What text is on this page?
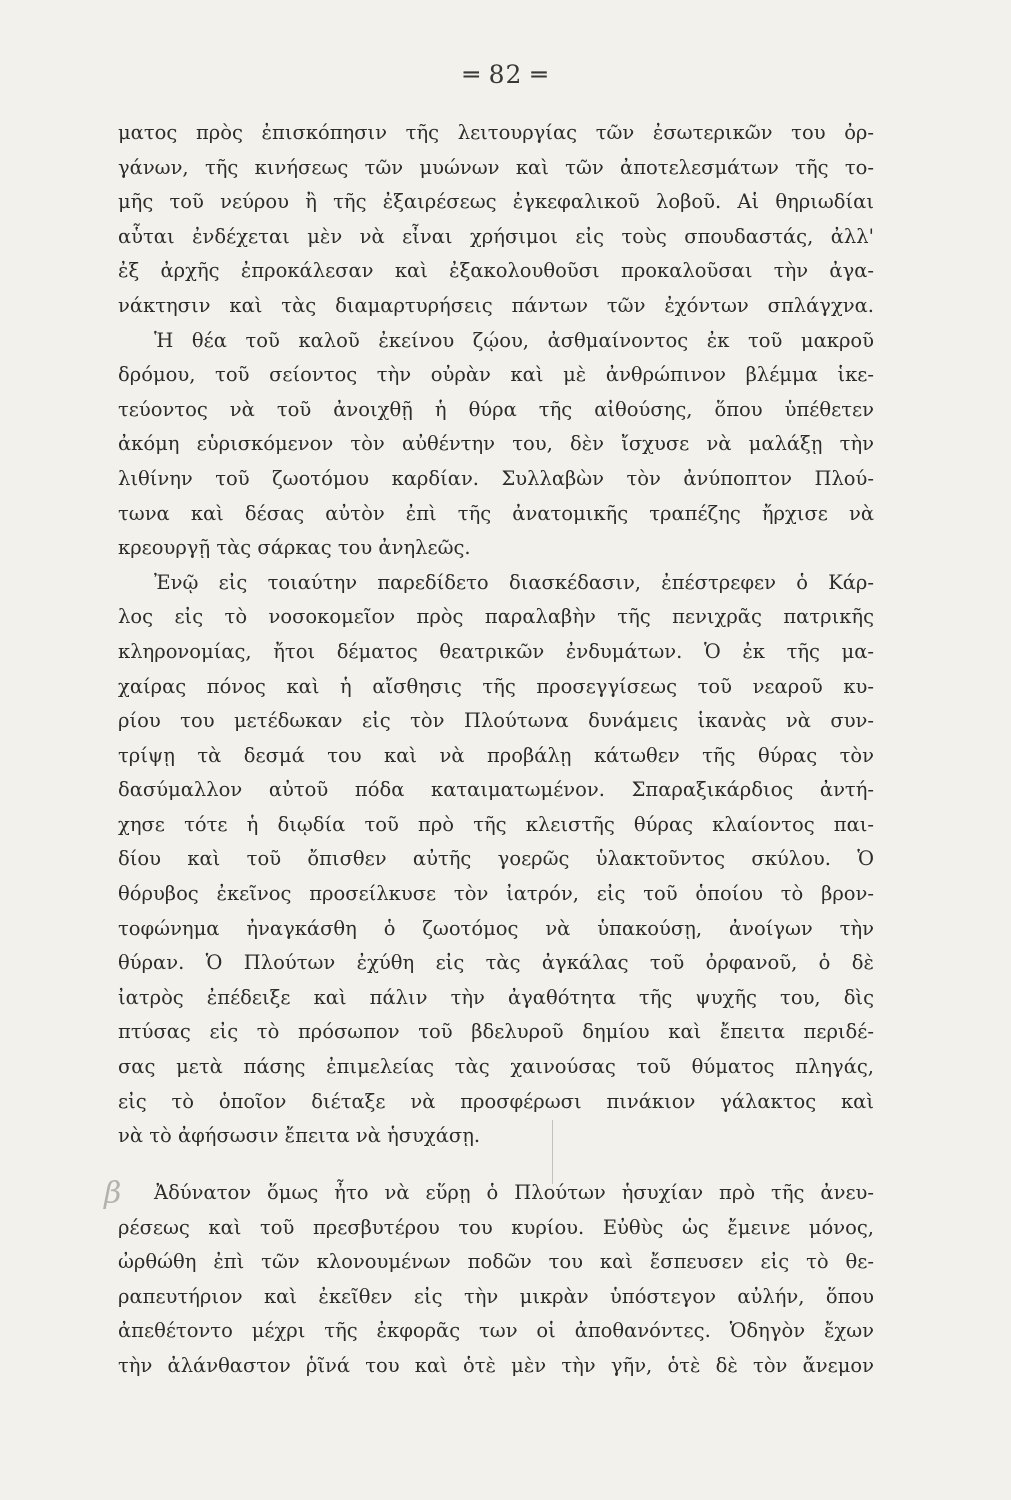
═ 82 ═
ματος πρὸς ἐπισκόπησιν τῆς λειτουργίας τῶν ἐσωτερικῶν του ὀρ-
γάνων, τῆς κινήσεως τῶν μυώνων καὶ τῶν ἀποτελεσμάτων τῆς το-
μῆς τοῦ νεύρου ἢ τῆς ἐξαιρέσεως ἐγκεφαλικοῦ λοβοῦ. Αἱ θηριωδίαι
αὗται ἐνδέχεται μὲν νὰ εἶναι χρήσιμοι εἰς τοὺς σπουδαστάς, ἀλλ'
ἐξ ἀρχῆς ἐπροκάλεσαν καὶ ἐξακολουθοῦσι προκαλοῦσαι τὴν ἀγα-
νάκτησιν καὶ τὰς διαμαρτυρήσεις πάντων τῶν ἐχόντων σπλάγχνα.
Ἡ θέα τοῦ καλοῦ ἐκείνου ζῴου, ἀσθμαίνοντος ἐκ τοῦ μακροῦ
δρόμου, τοῦ σείοντος τὴν οὐρὰν καὶ μὲ ἀνθρώπινον βλέμμα ἱκε-
τεύοντος νὰ τοῦ ἀνοιχθῇ ἡ θύρα τῆς αἰθούσης, ὅπου ὑπέθετεν
ἀκόμη εὑρισκόμενον τὸν αὐθέντην του, δὲν ἴσχυσε νὰ μαλάξῃ τὴν
λιθίνην τοῦ ζωοτόμου καρδίαν. Συλλαβὼν τὸν ἀνύποπτον Πλού-
τωνα καὶ δέσας αὐτὸν ἐπὶ τῆς ἀνατομικῆς τραπέζης ἤρχισε νὰ
κρεουργῇ τὰς σάρκας του ἀνηλεῶς.
Ἐνῷ εἰς τοιαύτην παρεδίδετο διασκέδασιν, ἐπέστρεφεν ὁ Κάρ-
λος εἰς τὸ νοσοκομεῖον πρὸς παραλαβὴν τῆς πενιχρᾶς πατρικῆς
κληρονομίας, ἤτοι δέματος θεατρικῶν ἐνδυμάτων. Ὁ ἐκ τῆς μα-
χαίρας πόνος καὶ ἡ αἴσθησις τῆς προσεγγίσεως τοῦ νεαροῦ κυ-
ρίου του μετέδωκαν εἰς τὸν Πλούτωνα δυνάμεις ἱκανὰς νὰ συν-
τρίψῃ τὰ δεσμά του καὶ νὰ προβάλῃ κάτωθεν τῆς θύρας τὸν
δασύμαλλον αὐτοῦ πόδα καταιματωμένον. Σπαραξικάρδιος ἀντή-
χησε τότε ἡ διῳδία τοῦ πρὸ τῆς κλειστῆς θύρας κλαίοντος παι-
δίου καὶ τοῦ ὄπισθεν αὐτῆς γοερῶς ὑλακτοῦντος σκύλου. Ὁ
θόρυβος ἐκεῖνος προσείλκυσε τὸν ἰατρόν, εἰς τοῦ ὁποίου τὸ βρον-
τοφώνημα ἠναγκάσθη ὁ ζωοτόμος νὰ ὑπακούσῃ, ἀνοίγων τὴν
θύραν. Ὁ Πλούτων ἐχύθη εἰς τὰς ἀγκάλας τοῦ ὀρφανοῦ, ὁ δὲ
ἰατρὸς ἐπέδειξε καὶ πάλιν τὴν ἀγαθότητα τῆς ψυχῆς του, δὶς
πτύσας εἰς τὸ πρόσωπον τοῦ βδελυροῦ δημίου καὶ ἔπειτα περιδέ-
σας μετὰ πάσης ἐπιμελείας τὰς χαινούσας τοῦ θύματος πληγάς,
εἰς τὸ ὁποῖον διέταξε νὰ προσφέρωσι πινάκιον γάλακτος καὶ
νὰ τὸ ἀφήσωσιν ἔπειτα νὰ ἡσυχάσῃ.
β	Ἀδύνατον ὅμως ἦτο νὰ εὕρῃ ὁ Πλούτων ἡσυχίαν πρὸ τῆς ἀνευ-
ρέσεως καὶ τοῦ πρεσβυτέρου του κυρίου. Εὐθὺς ὡς ἔμεινε μόνος,
ὠρθώθη ἐπὶ τῶν κλονουμένων ποδῶν του καὶ ἔσπευσεν εἰς τὸ θε-
ραπευτήριον καὶ ἐκεῖθεν εἰς τὴν μικρὰν ὑπόστεγον αὐλήν, ὅπου
ἀπεθέτοντο μέχρι τῆς ἐκφορᾶς των οἱ ἀποθανόντες. Ὁδηγὸν ἔχων
τὴν ἀλάνθαστον ῥῖνά του καὶ ὁτὲ μὲν τὴν γῆν, ὁτὲ δὲ τὸν ἄνεμον
